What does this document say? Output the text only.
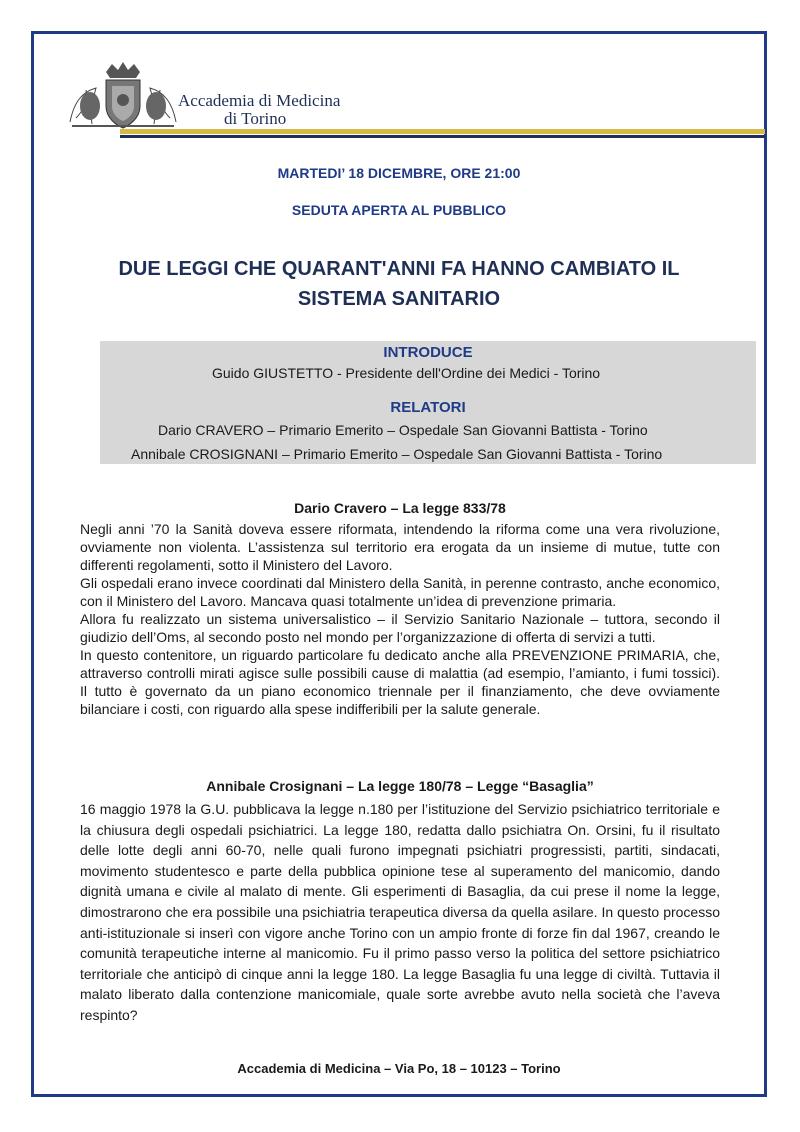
Accademia di Medicina
di Torino
MARTEDI’ 18 DICEMBRE, ORE 21:00
SEDUTA APERTA AL PUBBLICO
DUE LEGGI CHE QUARANT'ANNI FA HANNO CAMBIATO IL
SISTEMA SANITARIO
INTRODUCE
Guido GIUSTETTO - Presidente dell'Ordine dei Medici - Torino
RELATORI
Dario CRAVERO – Primario Emerito – Ospedale San Giovanni Battista - Torino
Annibale CROSIGNANI – Primario Emerito – Ospedale San Giovanni Battista - Torino
Dario Cravero – La legge 833/78

Negli anni ’70 la Sanità doveva essere riformata, intendendo la riforma come una vera rivoluzione, ovviamente non violenta. L’assistenza sul territorio era erogata da un insieme di mutue, tutte con differenti regolamenti, sotto il Ministero del Lavoro.

Gli ospedali erano invece coordinati dal Ministero della Sanità, in perenne contrasto, anche economico, con il Ministero del Lavoro. Mancava quasi totalmente un’idea di prevenzione primaria.

Allora fu realizzato un sistema universalistico – il Servizio Sanitario Nazionale – tuttora, secondo il giudizio dell’Oms, al secondo posto nel mondo per l’organizzazione di offerta di servizi a tutti.

In questo contenitore, un riguardo particolare fu dedicato anche alla PREVENZIONE PRIMARIA, che, attraverso controlli mirati agisce sulle possibili cause di malattia (ad esempio, l’amianto, i fumi tossici). Il tutto è governato da un piano economico triennale per il finanziamento, che deve ovviamente bilanciare i costi, con riguardo alla spese indifferibili per la salute generale.

Annibale Crosignani – La legge 180/78 – Legge “Basaglia”

16 maggio 1978 la G.U. pubblicava la legge n.180 per l’istituzione del Servizio psichiatrico territoriale e la chiusura degli ospedali psichiatrici. La legge 180, redatta dallo psichiatra On. Orsini, fu il risultato delle lotte degli anni 60-70, nelle quali furono impegnati psichiatri progressisti, partiti, sindacati, movimento studentesco e parte della pubblica opinione tese al superamento del manicomio, dando dignità umana e civile al malato di mente. Gli esperimenti di Basaglia, da cui prese il nome la legge, dimostrarono che era possibile una psichiatria terapeutica diversa da quella asilare. In questo processo anti-istituzionale si inserì con vigore anche Torino con un ampio fronte di forze fin dal 1967, creando le comunità terapeutiche interne al manicomio. Fu il primo passo verso la politica del settore psichiatrico territoriale che anticipò di cinque anni la legge 180. La legge Basaglia fu una legge di civiltà. Tuttavia il malato liberato dalla contenzione manicomiale, quale sorte avrebbe avuto nella società che l’aveva respinto?

Accademia di Medicina – Via Po, 18 – 10123 – Torino
